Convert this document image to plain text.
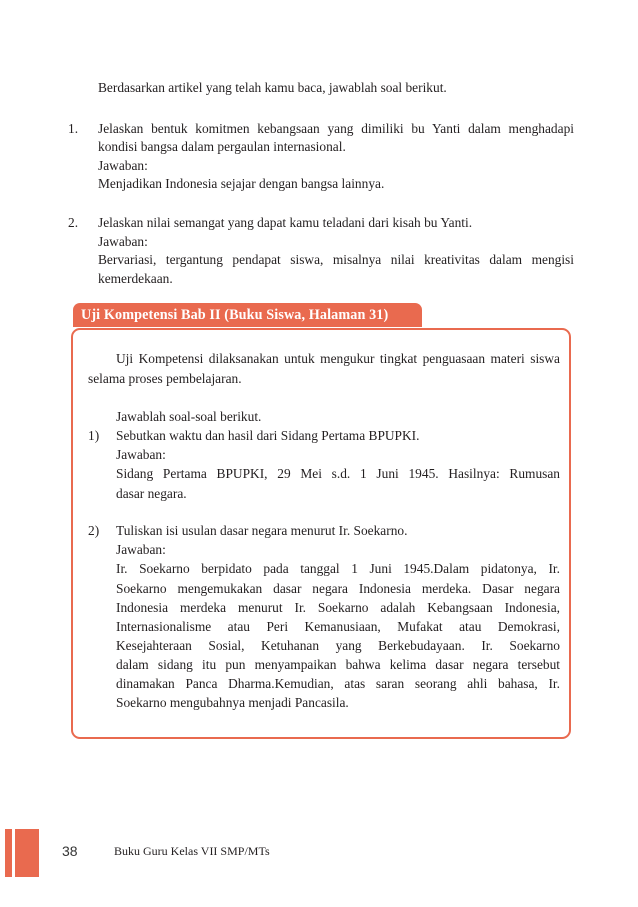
Berdasarkan artikel yang telah kamu baca, jawablah soal berikut.
1. Jelaskan bentuk komitmen kebangsaan yang dimiliki bu Yanti dalam menghadapi
kondisi bangsa dalam pergaulan internasional.
Jawaban:
Menjadikan Indonesia sejajar dengan bangsa lainnya.
2. Jelaskan nilai semangat yang dapat kamu teladani dari kisah bu Yanti.
Jawaban:
Bervariasi, tergantung pendapat siswa, misalnya nilai kreativitas dalam mengisi
kemerdekaan.
Uji Kompetensi Bab II (Buku Siswa, Halaman 31)
Uji Kompetensi dilaksanakan untuk mengukur tingkat penguasaan materi siswa
selama proses pembelajaran.
Jawablah soal-soal berikut.
1) Sebutkan waktu dan hasil dari Sidang Pertama BPUPKI.
Jawaban:
Sidang Pertama BPUPKI, 29 Mei s.d. 1 Juni 1945. Hasilnya: Rumusan
dasar negara.
2) Tuliskan isi usulan dasar negara menurut Ir. Soekarno.
Jawaban:
Ir. Soekarno berpidato pada tanggal 1 Juni 1945.Dalam pidatonya, Ir.
Soekarno mengemukakan dasar negara Indonesia merdeka. Dasar negara
Indonesia merdeka menurut Ir. Soekarno adalah Kebangsaan Indonesia,
Internasionalisme atau Peri Kemanusiaan, Mufakat atau Demokrasi,
Kesejahteraan Sosial, Ketuhanan yang Berkebudayaan. Ir. Soekarno
dalam sidang itu pun menyampaikan bahwa kelima dasar negara tersebut
dinamakan Panca Dharma.Kemudian, atas saran seorang ahli bahasa, Ir.
Soekarno mengubahnya menjadi Pancasila.
38	Buku Guru Kelas VII SMP/MTs
